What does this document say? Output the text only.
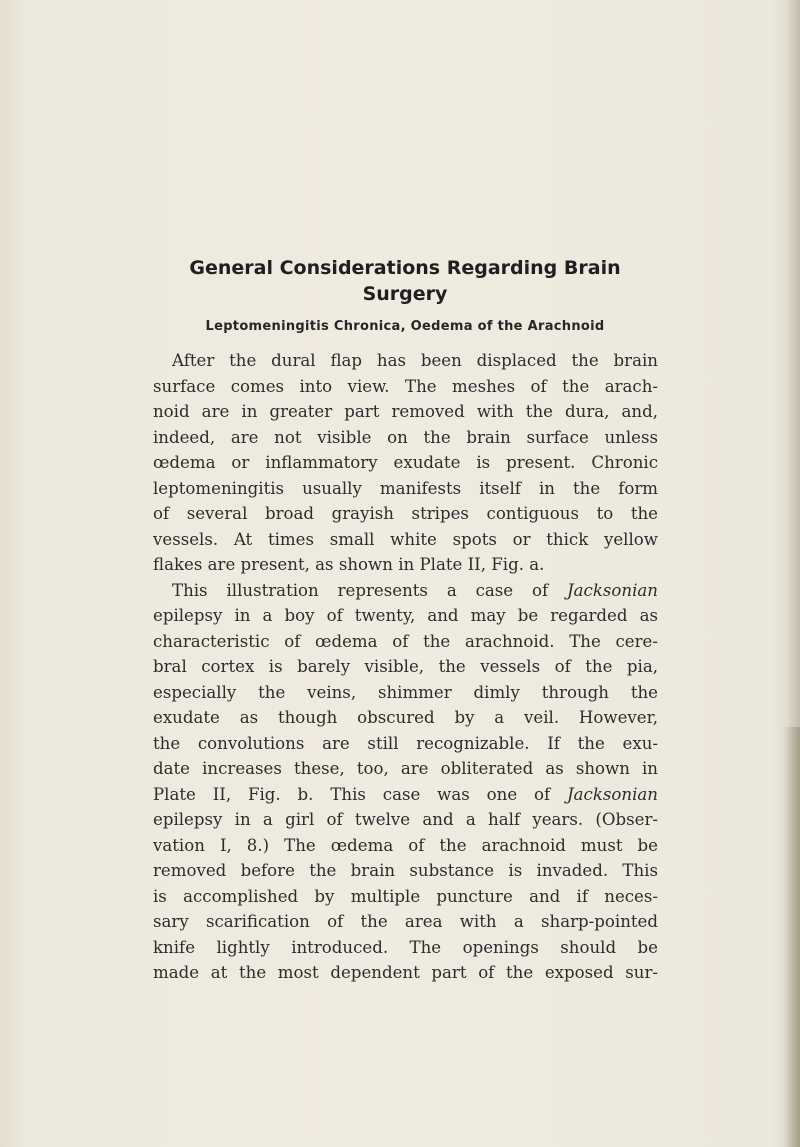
General Considerations Regarding Brain Surgery
Leptomeningitis Chronica, Oedema of the Arachnoid
After the dural flap has been displaced the brain
surface comes into view. The meshes of the arach-
noid are in greater part removed with the dura, and,
indeed, are not visible on the brain surface unless
œdema or inflammatory exudate is present. Chronic
leptomeningitis usually manifests itself in the form
of several broad grayish stripes contiguous to the
vessels. At times small white spots or thick yellow
flakes are present, as shown in Plate II, Fig. a.
This illustration represents a case of Jacksonian
epilepsy in a boy of twenty, and may be regarded as
characteristic of œdema of the arachnoid. The cere-
bral cortex is barely visible, the vessels of the pia,
especially the veins, shimmer dimly through the
exudate as though obscured by a veil. However,
the convolutions are still recognizable. If the exu-
date increases these, too, are obliterated as shown in
Plate II, Fig. b. This case was one of Jacksonian
epilepsy in a girl of twelve and a half years. (Obser-
vation I, 8.) The œdema of the arachnoid must be
removed before the brain substance is invaded. This
is accomplished by multiple puncture and if neces-
sary scarification of the area with a sharp-pointed
knife lightly introduced. The openings should be
made at the most dependent part of the exposed sur-
